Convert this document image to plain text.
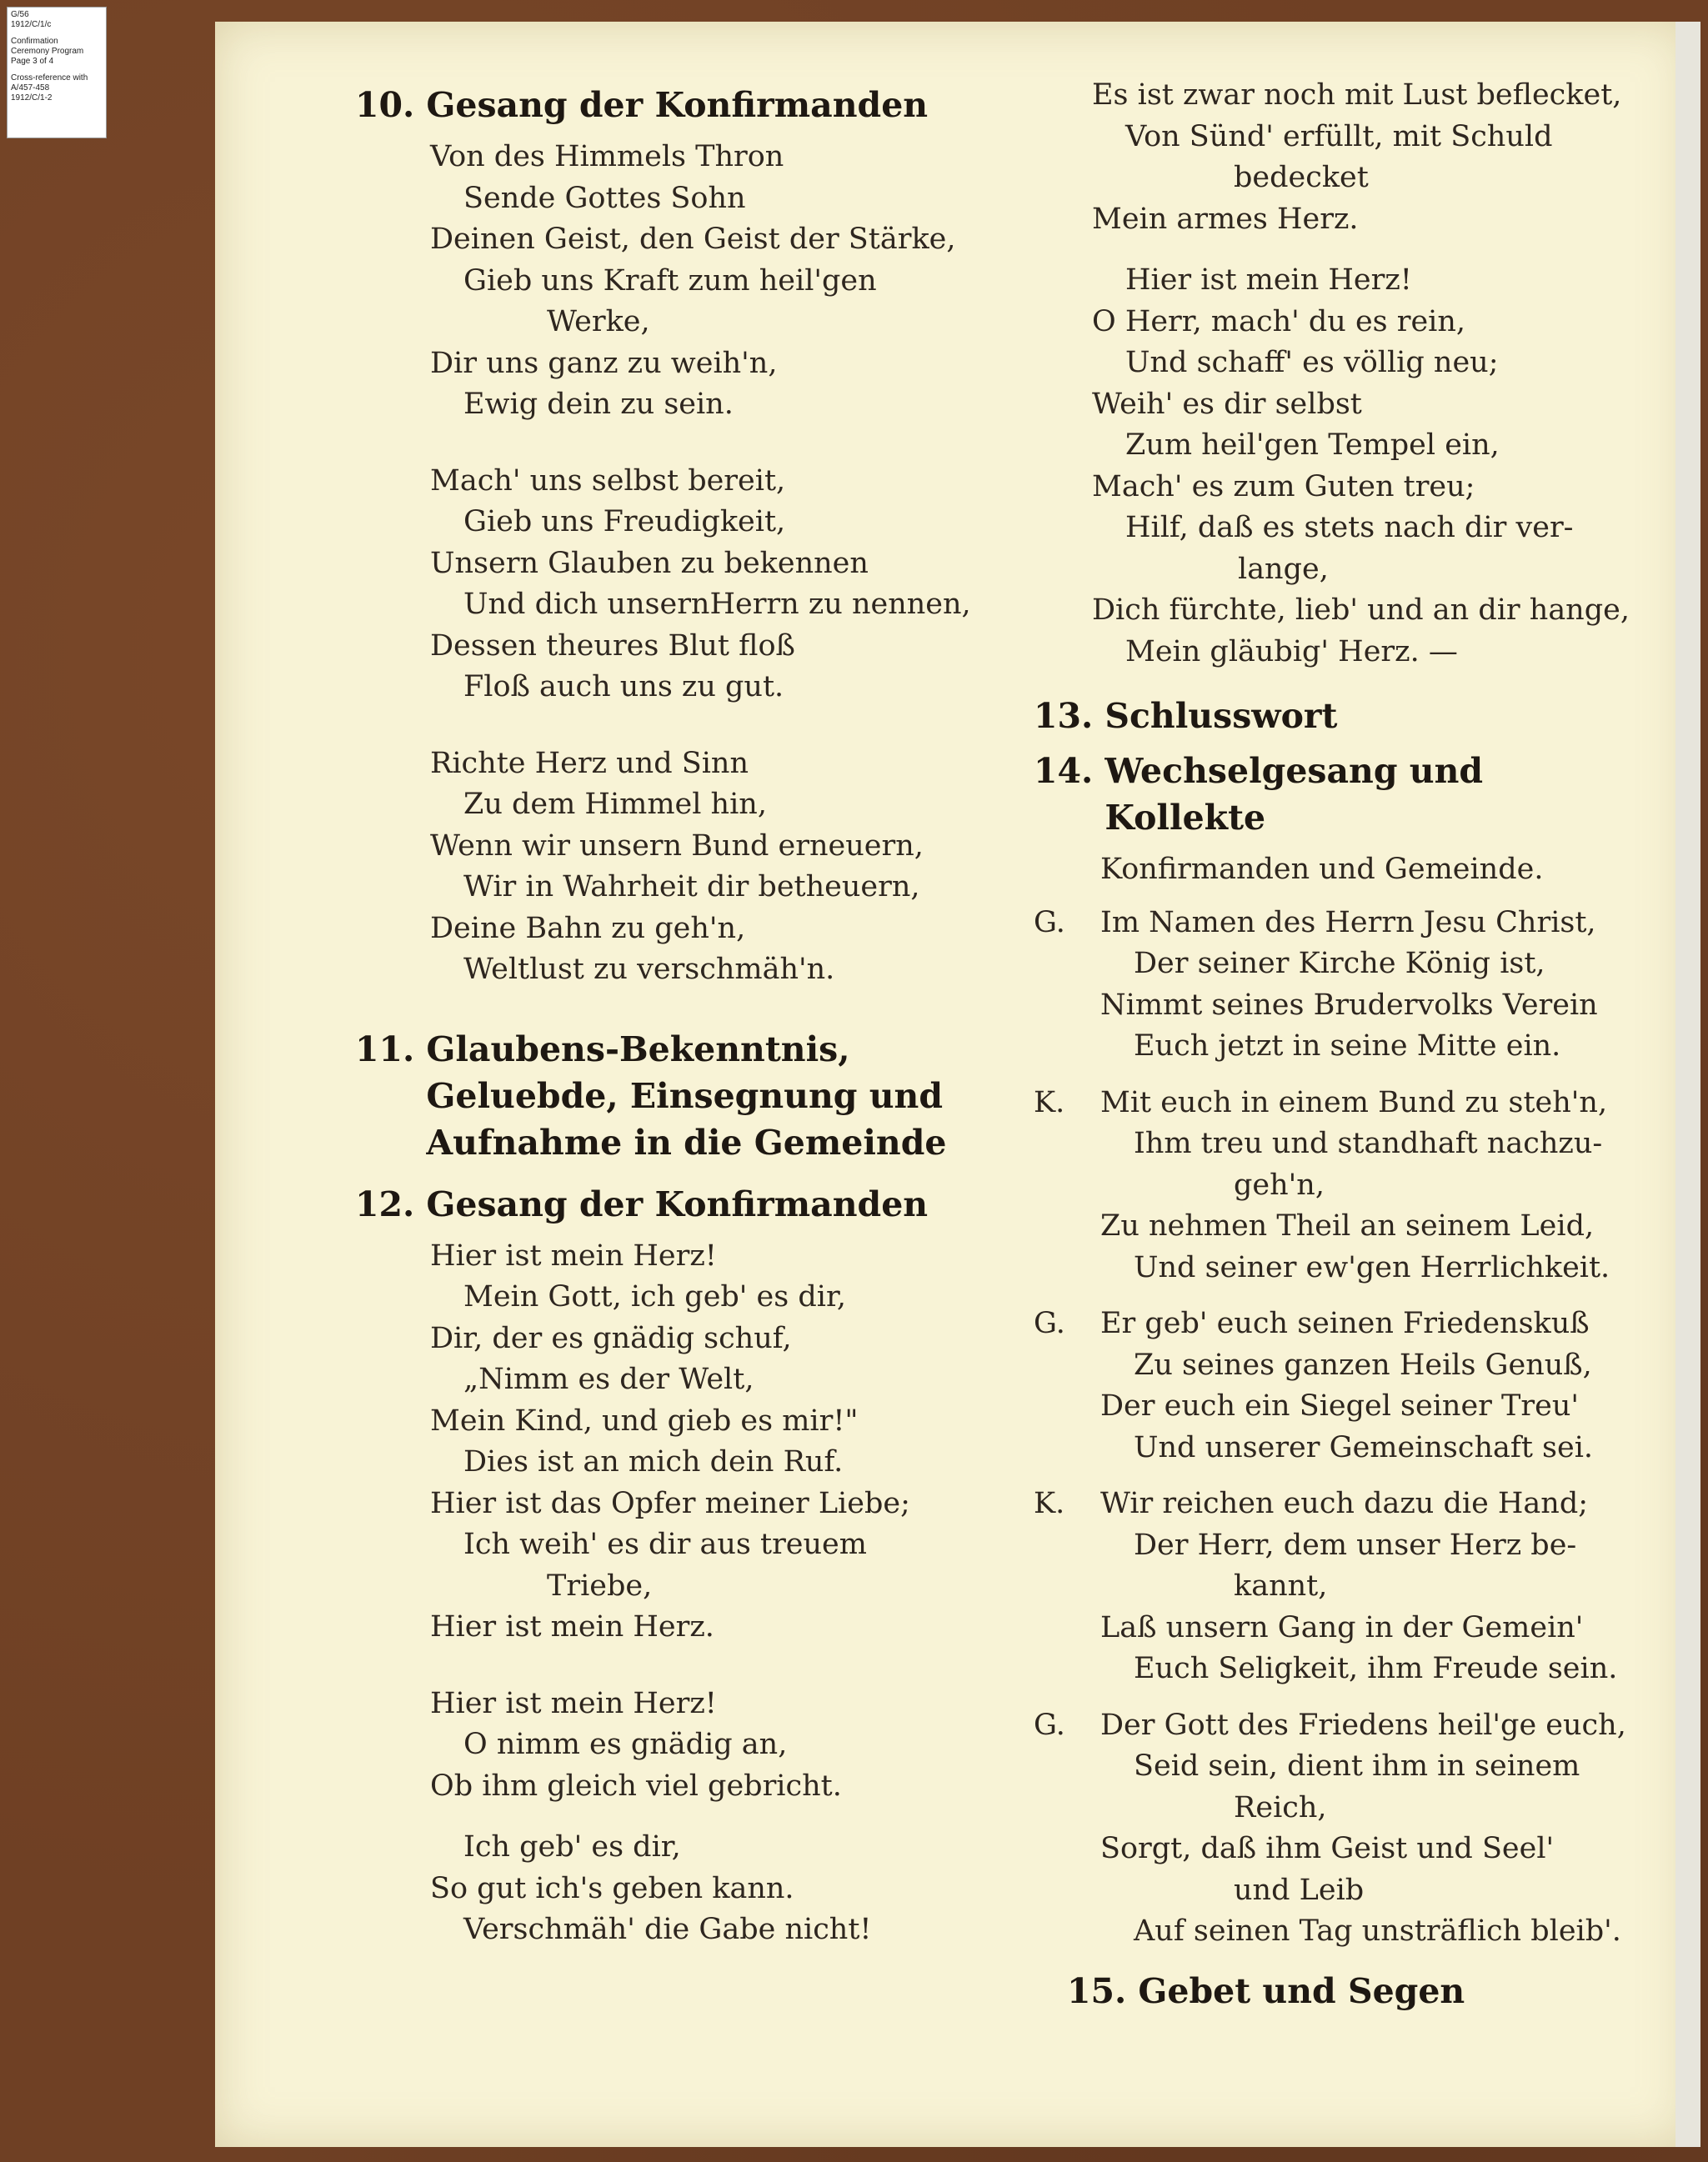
G/56
1912/C/1/c
Confirmation
Ceremony Program
Page 3 of 4
Cross-reference with
A/457-458
1912/C/1-2	10. Gesang der Konfirmanden
Von des Himmels Thron
Sende Gottes Sohn
Deinen Geist, den Geist der Stärke,
Gieb uns Kraft zum heil'gen
Werke,
Dir uns ganz zu weih'n,
Ewig dein zu sein.
Mach' uns selbst bereit,
Gieb uns Freudigkeit,
Unsern Glauben zu bekennen
Und dich unsernHerrn zu nennen,
Dessen theures Blut floß
Floß auch uns zu gut.
Richte Herz und Sinn
Zu dem Himmel hin,
Wenn wir unsern Bund erneuern,
Wir in Wahrheit dir betheuern,
Deine Bahn zu geh'n,
Weltlust zu verschmäh'n.
11. Glaubens-Bekenntnis, Geluebde, Einsegnung und Aufnahme in die Gemeinde
12. Gesang der Konfirmanden
Hier ist mein Herz!
Mein Gott, ich geb' es dir,
Dir, der es gnädig schuf,
„Nimm es der Welt,
Mein Kind, und gieb es mir!"
Dies ist an mich dein Ruf.
Hier ist das Opfer meiner Liebe;
Ich weih' es dir aus treuem
Triebe,
Hier ist mein Herz.
Hier ist mein Herz!
O nimm es gnädig an,
Ob ihm gleich viel gebricht.
Ich geb' es dir,
So gut ich's geben kann.
Verschmäh' die Gabe nicht!
Es ist zwar noch mit Lust beflecket,
Von Sünd' erfüllt, mit Schuld
bedecket
Mein armes Herz.
Hier ist mein Herz!
O Herr, mach' du es rein,
Und schaff' es völlig neu;
Weih' es dir selbst
Zum heil'gen Tempel ein,
Mach' es zum Guten treu;
Hilf, daß es stets nach dir ver-
lange,
Dich fürchte, lieb' und an dir hange,
Mein gläubig' Herz. —
13. Schlusswort
14. Wechselgesang und Kollekte
Konfirmanden und Gemeinde.
G.	Im Namen des Herrn Jesu Christ,
Der seiner Kirche König ist,
Nimmt seines Brudervolks Verein
Euch jetzt in seine Mitte ein.
K.	Mit euch in einem Bund zu steh'n,
Ihm treu und standhaft nachzu-
geh'n,
Zu nehmen Theil an seinem Leid,
Und seiner ew'gen Herrlichkeit.
G.	Er geb' euch seinen Friedenskuß
Zu seines ganzen Heils Genuß,
Der euch ein Siegel seiner Treu'
Und unserer Gemeinschaft sei.
K.	Wir reichen euch dazu die Hand;
Der Herr, dem unser Herz be-
kannt,
Laß unsern Gang in der Gemein'
Euch Seligkeit, ihm Freude sein.
G.	Der Gott des Friedens heil'ge euch,
Seid sein, dient ihm in seinem
Reich,
Sorgt, daß ihm Geist und Seel'
und Leib
Auf seinen Tag unsträflich bleib'.
15. Gebet und Segen
